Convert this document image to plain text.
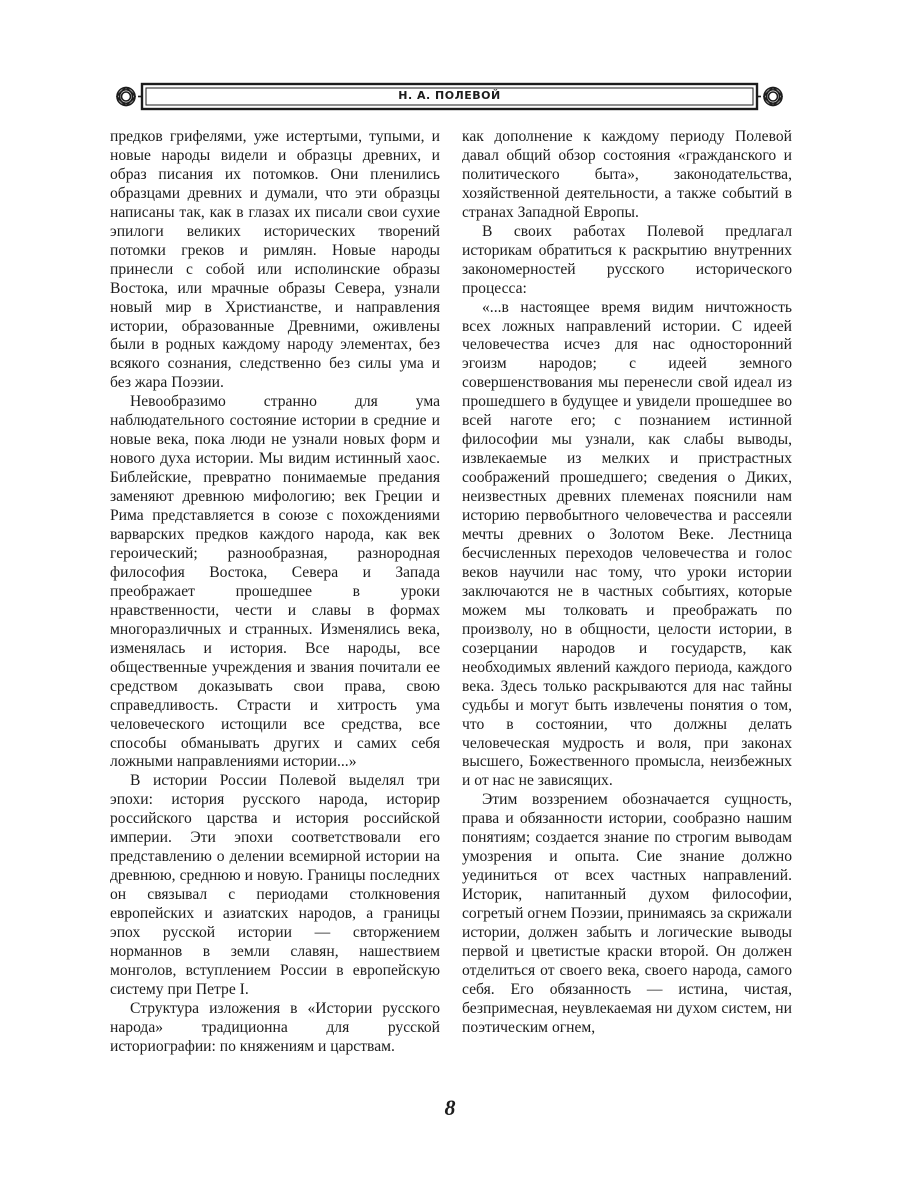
Н. А. ПОЛЕВОЙ

предков грифелями, уже истертыми, тупыми, и новые народы видели и образцы древних, и образ писания их потомков. Они пленились образцами древних и думали, что эти образцы написаны так, как в глазах их писали свои сухие эпилоги великих исторических творений потомки греков и римлян. Новые народы принесли с собой или исполинские образы Востока, или мрачные образы Севера, узнали новый мир в Христианстве, и направления истории, образованные Древними, оживлены были в родных каждому народу элементах, без всякого сознания, следственно без силы ума и без жара Поэзии.

Невообразимо странно для ума наблюдательного состояние истории в средние и новые века, пока люди не узнали новых форм и нового духа истории. Мы видим истинный хаос. Библейские, превратно понимаемые предания заменяют древнюю мифологию; век Греции и Рима представляется в союзе с похождениями варварских предков каждого народа, как век героический; разнообразная, разнородная философия Востока, Севера и Запада преображает прошедшее в уроки нравственности, чести и славы в формах многоразличных и странных. Изменялись века, изменялась и история. Все народы, все общественные учреждения и звания почитали ее средством доказывать свои права, свою справедливость. Страсти и хитрость ума человеческого истощили все средства, все способы обманывать других и самих себя ложными направлениями истории...»

В истории России Полевой выделял три эпохи: история русского народа, историр российского царства и история российской империи. Эти эпохи соответствовали его представлению о делении всемирной истории на древнюю, среднюю и новую. Границы последних он связывал с периодами столкновения европейских и азиатских народов, а границы эпох русской истории — свторжением норманнов в земли славян, нашествием монголов, вступлением России в европейскую систему при Петре I.

Структура изложения в «Истории русского народа» традиционна для русской историографии: по княжениям и царствам.

как дополнение к каждому периоду Полевой давал общий обзор состояния «гражданского и политического быта», законодательства, хозяйственной деятельности, а также событий в странах Западной Европы.

В своих работах Полевой предлагал историкам обратиться к раскрытию внутренних закономерностей русского исторического процесса:

«...в настоящее время видим ничтожность всех ложных направлений истории. С идеей человечества исчез для нас односторонний эгоизм народов; с идеей земного совершенствования мы перенесли свой идеал из прошедшего в будущее и увидели прошедшее во всей наготе его; с познанием истинной философии мы узнали, как слабы выводы, извлекаемые из мелких и пристрастных соображений прошедшего; сведения о Диких, неизвестных древних племенах пояснили нам историю первобытного человечества и рассеяли мечты древних о Золотом Веке. Лестница бесчисленных переходов человечества и голос веков научили нас тому, что уроки истории заключаются не в частных событиях, которые можем мы толковать и преображать по произволу, но в общности, целости истории, в созерцании народов и государств, как необходимых явлений каждого периода, каждого века. Здесь только раскрываются для нас тайны судьбы и могут быть извлечены понятия о том, что в состоянии, что должны делать человеческая мудрость и воля, при законах высшего, Божественного промысла, неизбежных и от нас не зависящих.

Этим воззрением обозначается сущность, права и обязанности истории, сообразно нашим понятиям; создается знание по строгим выводам умозрения и опыта. Сие знание должно уединиться от всех частных направлений. Историк, напитанный духом философии, согретый огнем Поэзии, принимаясь за скрижали истории, должен забыть и логические выводы первой и цветистые краски второй. Он должен отделиться от своего века, своего народа, самого себя. Его обязанность — истина, чистая, безпримесная, неувлекаемая ни духом систем, ни поэтическим огнем,

8
